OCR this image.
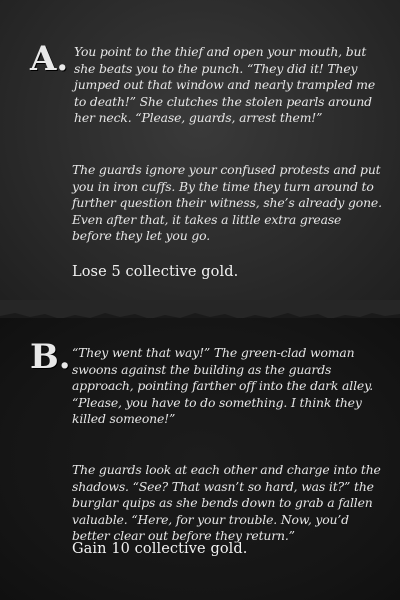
A. You point to the thief and open your mouth, but she beats you to the punch. “They did it! They jumped out that window and nearly trampled me to death!” She clutches the stolen pearls around her neck. “Please, guards, arrest them!”

The guards ignore your confused protests and put you in iron cuffs. By the time they turn around to further question their witness, she’s already gone. Even after that, it takes a little extra grease before they let you go.

Lose 5 collective gold.

B. “They went that way!” The green-clad woman swoons against the building as the guards approach, pointing farther off into the dark alley. “Please, you have to do something. I think they killed someone!”

The guards look at each other and charge into the shadows. “See? That wasn’t so hard, was it?” the burglar quips as she bends down to grab a fallen valuable. “Here, for your trouble. Now, you’d better clear out before they return.”

Gain 10 collective gold.
